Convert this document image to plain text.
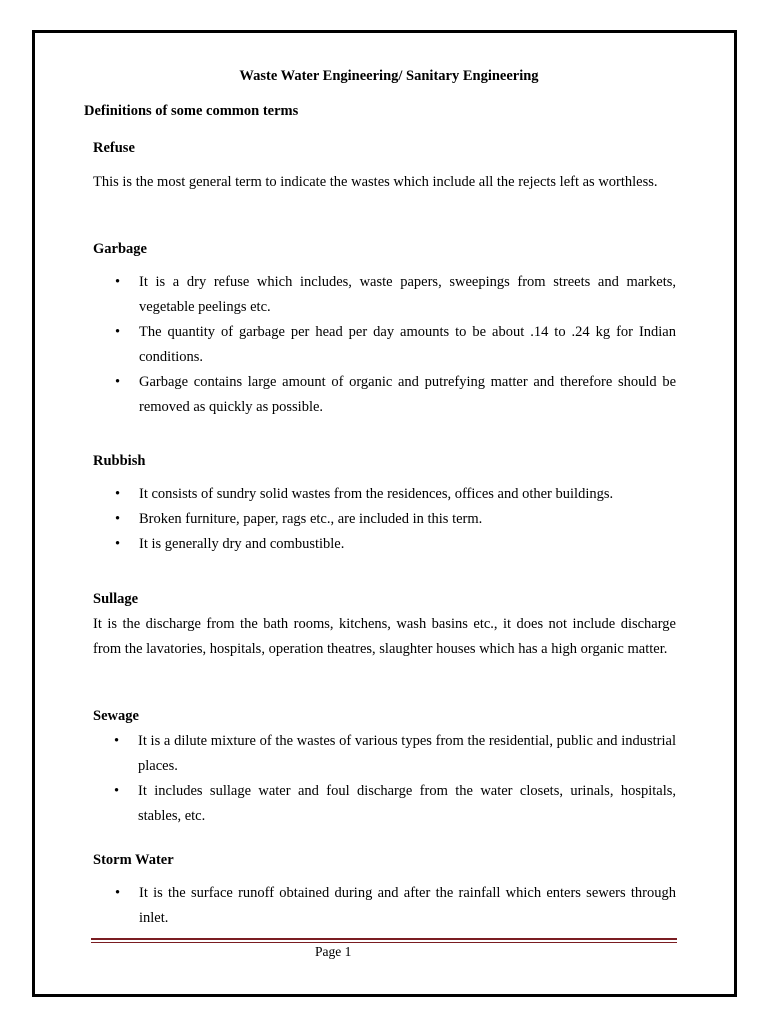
Waste Water Engineering/ Sanitary Engineering
Definitions of some common terms
Refuse
This is the most general term to indicate the wastes which include all the rejects left as worthless.
Garbage
• It is a dry refuse which includes, waste papers, sweepings from streets and markets, vegetable peelings etc.
• The quantity of garbage per head per day amounts to be about .14 to .24 kg for Indian conditions.
• Garbage contains large amount of organic and putrefying matter and therefore should be removed as quickly as possible.
Rubbish
• It consists of sundry solid wastes from the residences, offices and other buildings.
• Broken furniture, paper, rags etc., are included in this term.
• It is generally dry and combustible.
Sullage
It is the discharge from the bath rooms, kitchens, wash basins etc., it does not include discharge from the lavatories, hospitals, operation theatres, slaughter houses which has a high organic matter.
Sewage
• It is a dilute mixture of the wastes of various types from the residential, public and industrial places.
• It includes sullage water and foul discharge from the water closets, urinals, hospitals, stables, etc.
Storm Water
• It is the surface runoff obtained during and after the rainfall which enters sewers through inlet.
Page 1
